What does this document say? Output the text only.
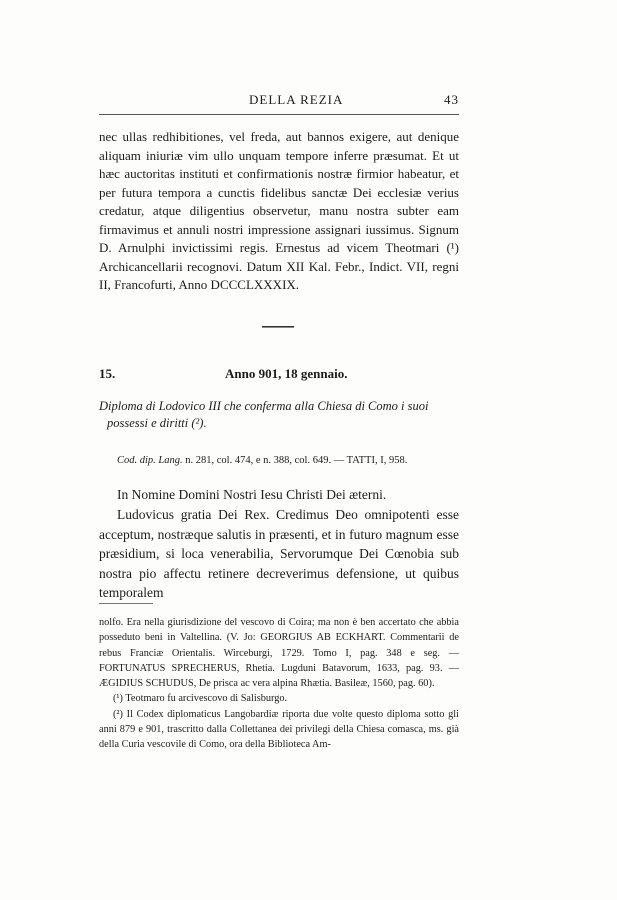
DELLA REZIA	43

nec ullas redhibitiones, vel freda, aut bannos exigere, aut denique aliquam iniuriæ vim ullo unquam tempore inferre præsumat. Et ut hæc auctoritas instituti et confirmationis nostræ firmior habeatur, et per futura tempora a cunctis fidelibus sanctæ Dei ecclesiæ verius credatur, atque diligentius observetur, manu nostra subter eam firmavimus et annuli nostri impressione assignari iussimus. Signum D. Arnulphi invictissimi regis. Ernestus ad vicem Theotmari (¹) Archicancellarii recognovi. Datum XII Kal. Febr., Indict. VII, regni II, Francofurti, Anno DCCCLXXXIX.

15.	Anno 901, 18 gennaio.

Diploma di Lodovico III che conferma alla Chiesa di Como i suoi
possessi e diritti (²).

Cod. dip. Lang. n. 281, col. 474, e n. 388, col. 649. — TATTI, I, 958.
In Nomine Domini Nostri Iesu Christi Dei æterni.

Ludovicus gratia Dei Rex. Credimus Deo omnipotenti esse acceptum, nostræque salutis in præsenti, et in futuro magnum esse præsidium, si loca venerabilia, Servorumque Dei Cœnobia sub nostra pio affectu retinere decreverimus defensione, ut quibus temporalem

nolfo. Era nella giurisdizione del vescovo di Coira; ma non è ben accertato che abbia posseduto beni in Valtellina. (V. Jo: GEORGIUS AB ECKHART. Commentarii de rebus Franciæ Orientalis. Wirceburgi, 1729. Tomo I, pag. 348 e seg. — FORTUNATUS SPRECHERUS, Rhetia. Lugduni Batavorum, 1633, pag. 93. — ÆGIDIUS SCHUDUS, De prisca ac vera alpina Rhætia. Basileæ, 1560, pag. 60).
(¹) Teotmaro fu arcivescovo di Salisburgo.
(²) Il Codex diplomaticus Langobardiæ riporta due volte questo diploma sotto gli anni 879 e 901, trascritto dalla Collettanea dei privilegi della Chiesa comasca, ms. già della Curia vescovile di Como, ora della Biblioteca Am-
